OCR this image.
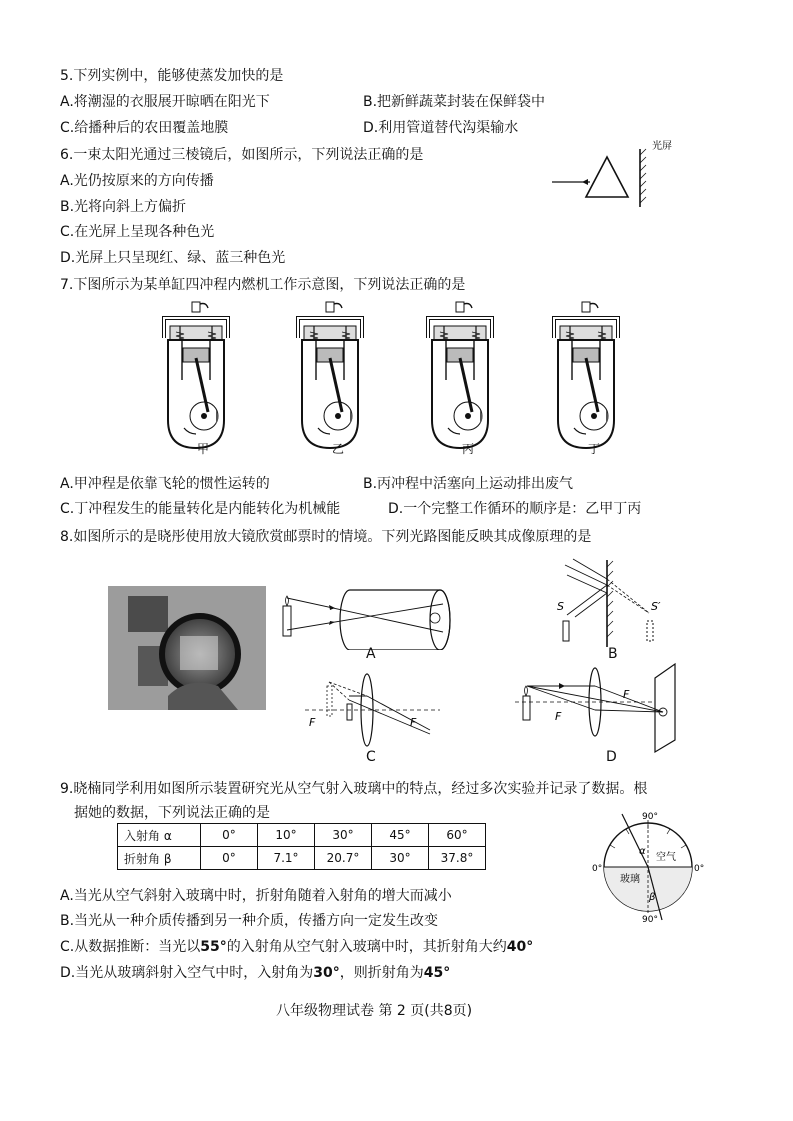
5.下列实例中，能够使蒸发加快的是
A.将潮湿的衣服展开晾晒在阳光下	B.把新鲜蔬菜封装在保鲜袋中
C.给播种后的农田覆盖地膜	D.利用管道替代沟渠输水
6.一束太阳光通过三棱镜后，如图所示，下列说法正确的是
A.光仍按原来的方向传播
B.光将向斜上方偏折
C.在光屏上呈现各种色光
D.光屏上只呈现红、绿、蓝三种色光
光屏
7.下图所示为某单缸四冲程内燃机工作示意图，下列说法正确的是
甲	乙	丙	丁
A.甲冲程是依靠飞轮的惯性运转的	B.丙冲程中活塞向上运动排出废气
C.丁冲程发生的能量转化是内能转化为机械能	D.一个完整工作循环的顺序是：乙甲丁丙
8.如图所示的是晓彤使用放大镜欣赏邮票时的情境。下列光路图能反映其成像原理的是
A
S	S′
B
F	F
C
F
F
D
9.晓楠同学利用如图所示装置研究光从空气射入玻璃中的特点，经过多次实验并记录了数据。根
据她的数据，下列说法正确的是
入射角 α	0°	10°	30°	45°	60°
折射角 β	0°	7.1°	20.7°	30°	37.8°
90°
90°
0°	0°
空气
玻璃
α
β
A.当光从空气斜射入玻璃中时，折射角随着入射角的增大而减小
B.当光从一种介质传播到另一种介质，传播方向一定发生改变
C.从数据推断：当光以55°的入射角从空气射入玻璃中时，其折射角大约40°
D.当光从玻璃斜射入空气中时，入射角为30°，则折射角为45°
八年级物理试卷 第 2 页(共8页)
